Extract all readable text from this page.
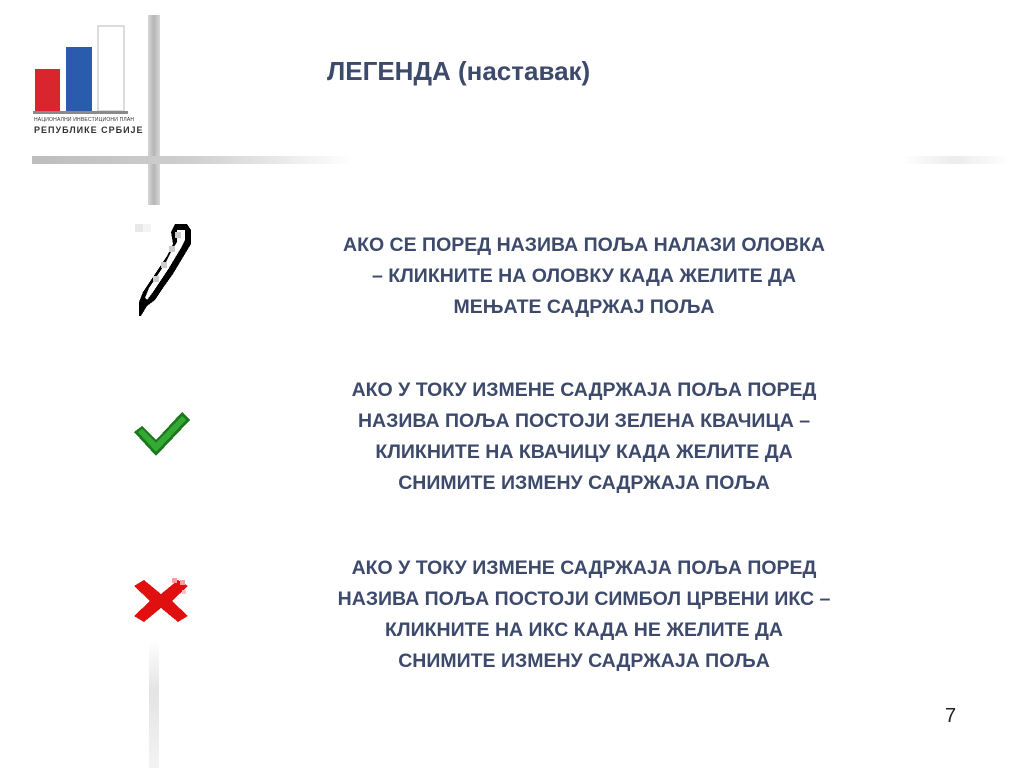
НАЦИОНАЛНИ ИНВЕСТИЦИОНИ ПЛАН
РЕПУБЛИКЕ СРБИЈЕ
ЛЕГЕНДА (наставак)
АКО СЕ ПОРЕД НАЗИВА ПОЉА НАЛАЗИ ОЛОВКА
– КЛИКНИТЕ НА ОЛОВКУ КАДА ЖЕЛИТЕ ДА
МЕЊАТЕ САДРЖАЈ ПОЉА
АКО У ТОКУ ИЗМЕНЕ САДРЖАЈА ПОЉА ПОРЕД
НАЗИВА ПОЉА ПОСТОЈИ ЗЕЛЕНА КВАЧИЦА –
КЛИКНИТЕ НА КВАЧИЦУ КАДА ЖЕЛИТЕ ДА
СНИМИТЕ ИЗМЕНУ САДРЖАЈА ПОЉА
АКО У ТОКУ ИЗМЕНЕ САДРЖАЈА ПОЉА ПОРЕД
НАЗИВА ПОЉА ПОСТОЈИ СИМБОЛ ЦРВЕНИ ИКС –
КЛИКНИТЕ НА ИКС КАДА НЕ ЖЕЛИТЕ ДА
СНИМИТЕ ИЗМЕНУ САДРЖАЈА ПОЉА
7
